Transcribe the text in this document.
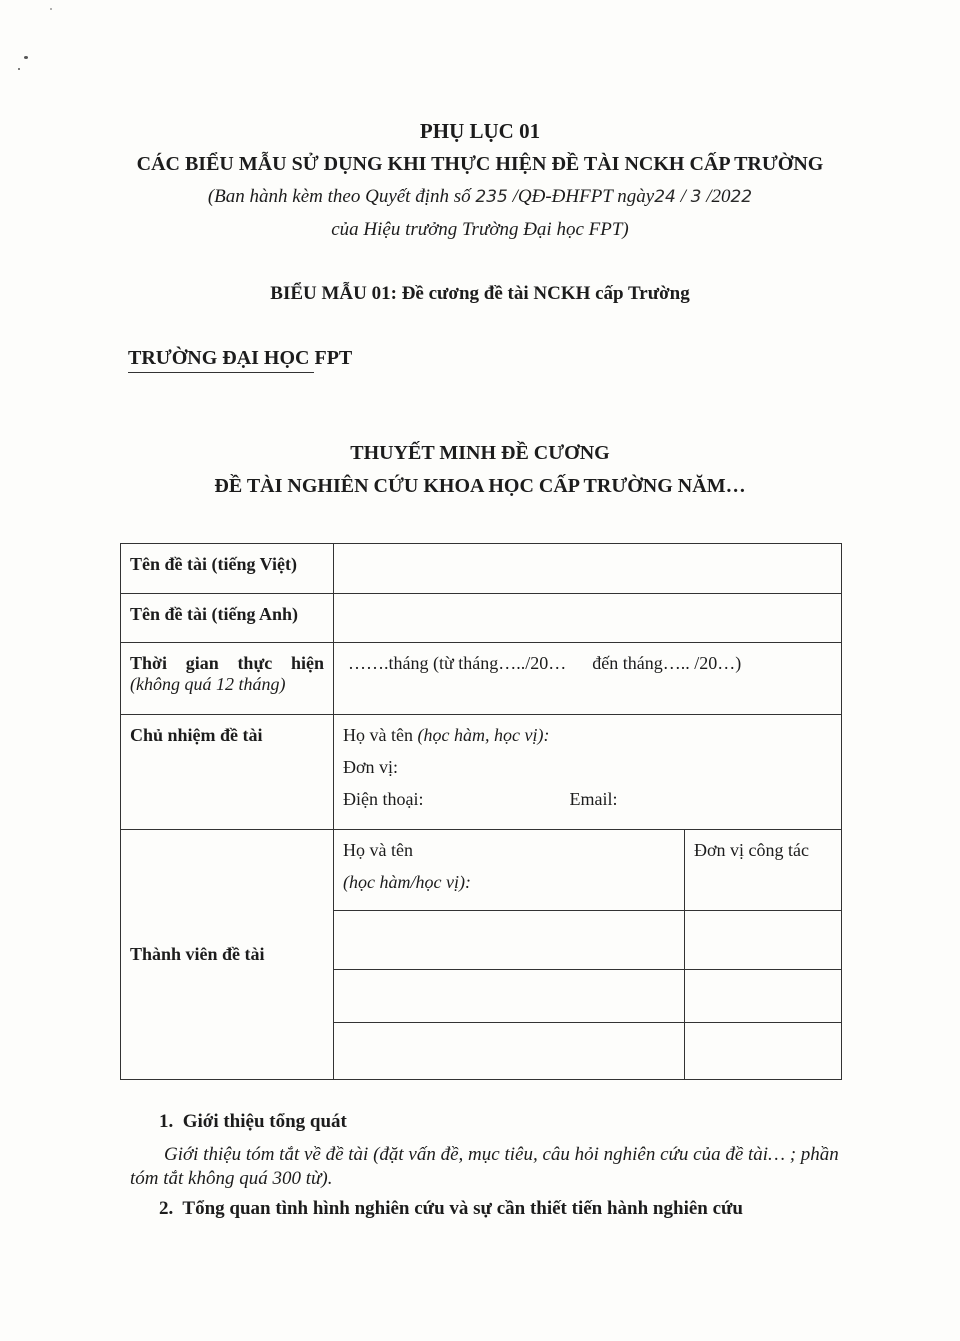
PHỤ LỤC 01
CÁC BIỂU MẪU SỬ DỤNG KHI THỰC HIỆN ĐỀ TÀI NCKH CẤP TRƯỜNG
(Ban hành kèm theo Quyết định số 235 /QĐ-ĐHFPT ngày24 / 3 /2022
của Hiệu trưởng Trường Đại học FPT)
BIỂU MẪU 01: Đề cương đề tài NCKH cấp Trường
TRƯỜNG ĐẠI HỌC FPT
THUYẾT MINH ĐỀ CƯƠNG
ĐỀ TÀI NGHIÊN CỨU KHOA HỌC CẤP TRƯỜNG NĂM…
Tên đề tài (tiếng Việt)		
Tên đề tài (tiếng Anh)		

Thời gian thực hiện
(không quá 12 tháng)	…….tháng (từ tháng…../20… đến tháng….. /20…)	
Chủ nhiệm đề tài	Họ và tên (học hàm, học vị):
Đơn vị:
Điện thoại: Email:	

Thành viên đề tài	Họ và tên
(học hàm/học vị):	Đơn vị công tác

1. Giới thiệu tổng quát
Giới thiệu tóm tắt về đề tài (đặt vấn đề, mục tiêu, câu hỏi nghiên cứu của đề tài… ; phần tóm tắt không quá 300 từ).
2. Tổng quan tình hình nghiên cứu và sự cần thiết tiến hành nghiên cứu
